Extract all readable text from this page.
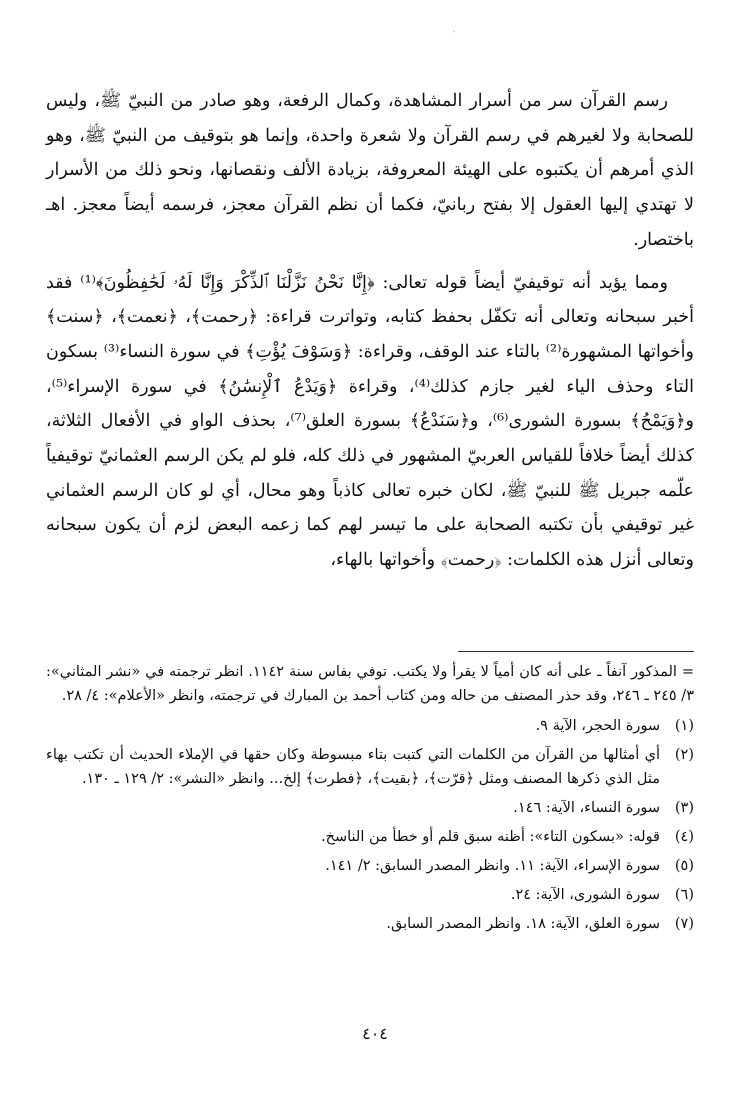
˅

رسم القرآن سر من أسرار المشاهدة، وكمال الرفعة، وهو صادر من النبيّ ﷺ، وليس للصحابة ولا لغيرهم في رسم القرآن ولا شعرة واحدة، وإنما هو بتوقيف من النبيّ ﷺ، وهو الذي أمرهم أن يكتبوه على الهيئة المعروفة، بزيادة الألف ونقصانها، ونحو ذلك من الأسرار لا تهتدي إليها العقول إلا بفتح ربانيّ، فكما أن نظم القرآن معجز، فرسمه أيضاً معجز. اهـ باختصار.

ومما يؤيد أنه توقيفيّ أيضاً قوله تعالى: ﴿إِنَّا نَحْنُ نَزَّلْنَا ٱلذِّكْرَ وَإِنَّا لَهُۥ لَحَٰفِظُونَ﴾⁽¹⁾ فقد أخبر سبحانه وتعالى أنه تكفّل بحفظ كتابه، وتواترت قراءة: ﴿رحمت﴾، ﴿نعمت﴾، ﴿سنت﴾ وأخواتها المشهورة⁽²⁾ بالتاء عند الوقف، وقراءة: ﴿وَسَوْفَ يُؤْتِ﴾ في سورة النساء⁽³⁾ بسكون التاء وحذف الياء لغير جازم كذلك⁽⁴⁾، وقراءة ﴿وَيَدْعُ ٱلْإِنسَٰنُ﴾ في سورة الإسراء⁽⁵⁾، و﴿وَيَمْحُ﴾ بسورة الشورى⁽⁶⁾، و﴿سَنَدْعُ﴾ بسورة العلق⁽⁷⁾، بحذف الواو في الأفعال الثلاثة، كذلك أيضاً خلافاً للقياس العربيّ المشهور في ذلك كله، فلو لم يكن الرسم العثمانيّ توقيفياً علّمه جبريل ﷺ للنبيّ ﷺ، لكان خبره تعالى كاذباً وهو محال، أي لو كان الرسم العثماني غير توقيفي بأن تكتبه الصحابة على ما تيسر لهم كما زعمه البعض لزم أن يكون سبحانه وتعالى أنزل هذه الكلمات: ﴿رحمت﴾ وأخواتها بالهاء،

= المذكور آنفاً ـ على أنه كان أمياً لا يقرأ ولا يكتب. توفي بفاس سنة ١١٤٢. انظر ترجمته في «نشر المثاني»: ٣/ ٢٤٥ ـ ٢٤٦، وقد حذر المصنف من حاله ومن كتاب أحمد بن المبارك في ترجمته، وانظر «الأعلام»: ٤/ ٢٨.
(١)
سورة الحجر، الآية ٩.
(٢)
أي أمثالها من القرآن من الكلمات التي كتبت بتاء مبسوطة وكان حقها في الإملاء الحديث أن تكتب بهاء مثل الذي ذكرها المصنف ومثل ﴿قرّت﴾، ﴿بقيت﴾، ﴿فطرت﴾ إلخ... وانظر «النشر»: ٢/ ١٢٩ ـ ١٣٠.
(٣)
سورة النساء، الآية: ١٤٦.
(٤)
قوله: «بسكون التاء»: أظنه سبق قلم أو خطأ من الناسخ.
(٥)
سورة الإسراء، الآية: ١١. وانظر المصدر السابق: ٢/ ١٤١.
(٦)
سورة الشورى، الآية: ٢٤.
(٧)
سورة العلق، الآية: ١٨. وانظر المصدر السابق.
٤٠٤
